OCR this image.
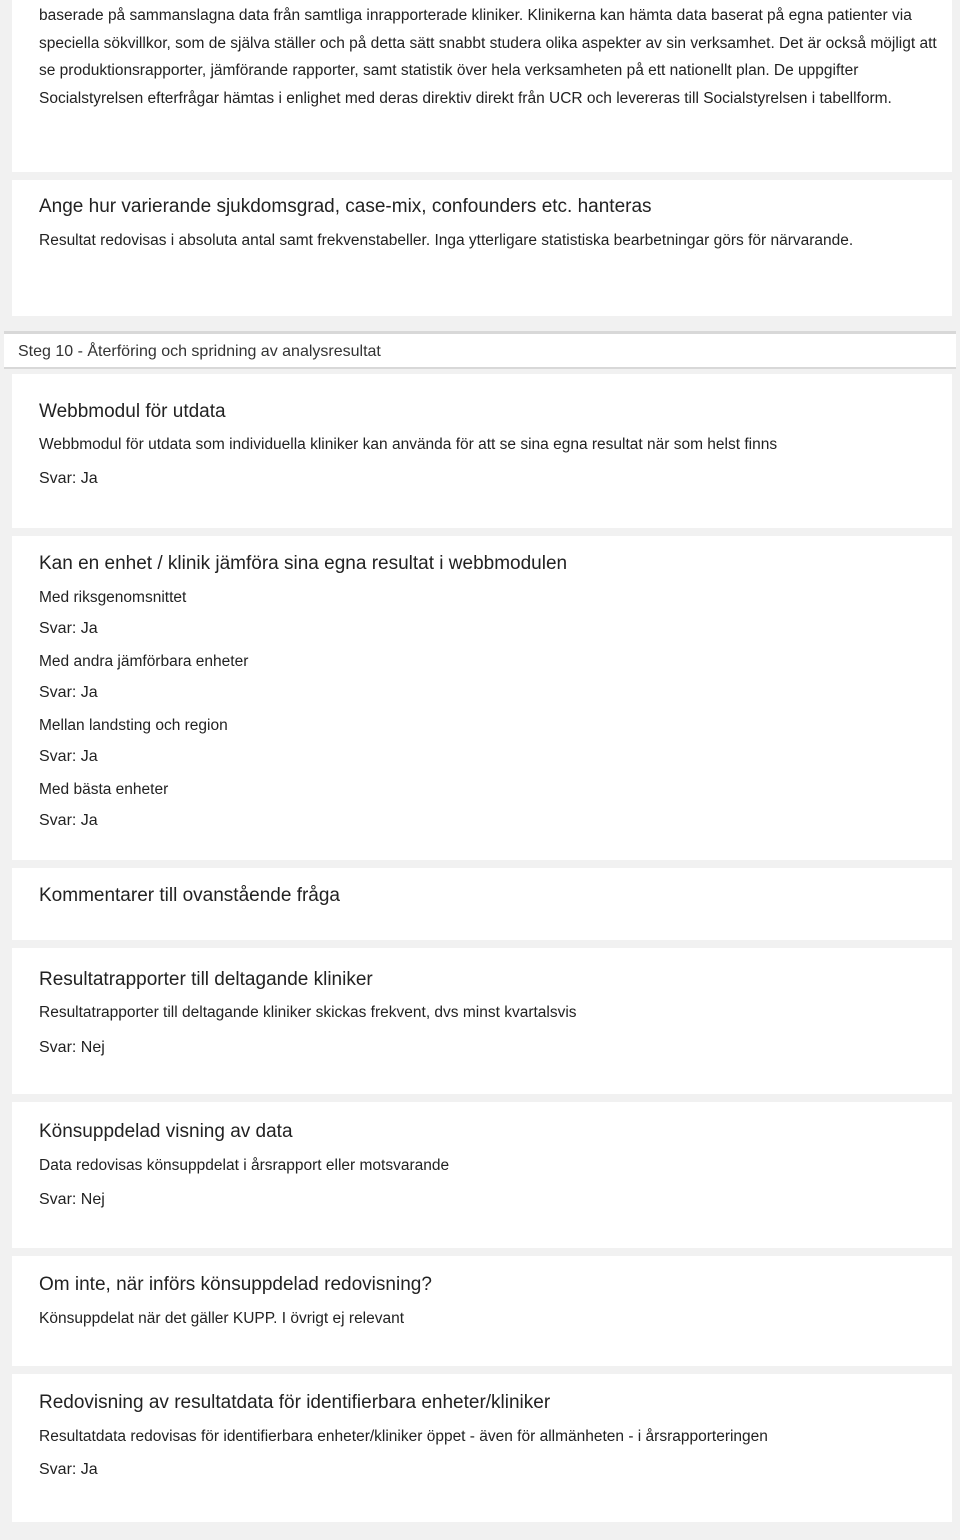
baserade på sammanslagna data från samtliga inrapporterade kliniker. Klinikerna kan hämta data baserat på egna patienter via speciella sökvillkor, som de själva ställer och på detta sätt snabbt studera olika aspekter av sin verksamhet. Det är också möjligt att se produktionsrapporter, jämförande rapporter, samt statistik över hela verksamheten på ett nationellt plan. De uppgifter Socialstyrelsen efterfrågar hämtas i enlighet med deras direktiv direkt från UCR och levereras till Socialstyrelsen i tabellform.
Ange hur varierande sjukdomsgrad, case-mix, confounders etc. hanteras
Resultat redovisas i absoluta antal samt frekvenstabeller. Inga ytterligare statistiska bearbetningar görs för närvarande.
Steg 10 - Återföring och spridning av analysresultat
Webbmodul för utdata
Webbmodul för utdata som individuella kliniker kan använda för att se sina egna resultat när som helst finns
Svar: Ja
Kan en enhet / klinik jämföra sina egna resultat i webbmodulen
Med riksgenomsnittet
Svar: Ja
Med andra jämförbara enheter
Svar: Ja
Mellan landsting och region
Svar: Ja
Med bästa enheter
Svar: Ja
Kommentarer till ovanstående fråga
Resultatrapporter till deltagande kliniker
Resultatrapporter till deltagande kliniker skickas frekvent, dvs minst kvartalsvis
Svar: Nej
Könsuppdelad visning av data
Data redovisas könsuppdelat i årsrapport eller motsvarande
Svar: Nej
Om inte, när införs könsuppdelad redovisning?
Könsuppdelat när det gäller KUPP. I övrigt ej relevant
Redovisning av resultatdata för identifierbara enheter/kliniker
Resultatdata redovisas för identifierbara enheter/kliniker öppet - även för allmänheten - i årsrapporteringen
Svar: Ja
